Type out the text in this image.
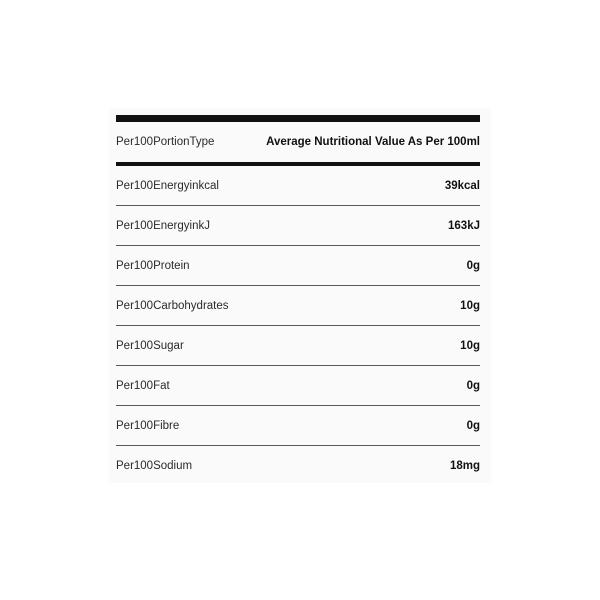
Per100PortionType	Average Nutritional Value As Per 100ml
Per100Energyinkcal	39kcal
Per100EnergyinkJ	163kJ
Per100Protein	0g
Per100Carbohydrates	10g
Per100Sugar	10g
Per100Fat	0g
Per100Fibre	0g
Per100Sodium	18mg
